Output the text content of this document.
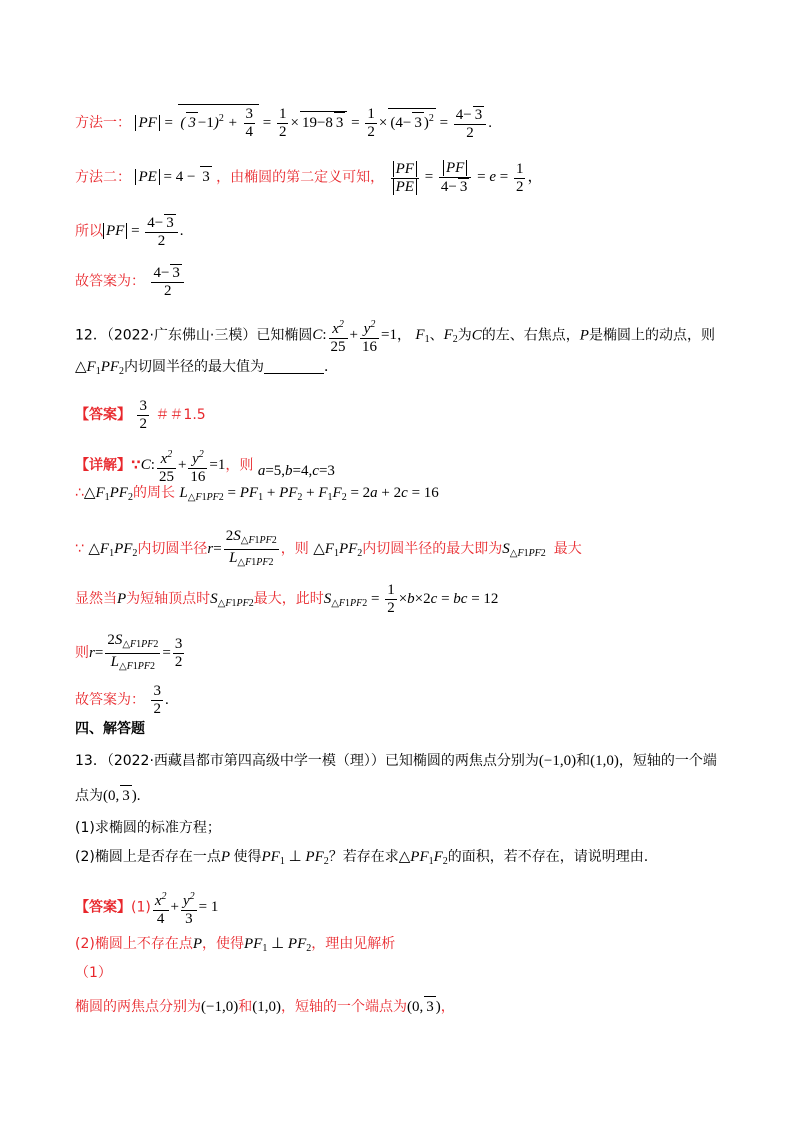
方法一： PF = ( $3 -1)^2 + \frac{3}{4} = \frac{1}{2} \times 19-8$ $3 = \frac{1}{2} \times (4- 3$ )$^2 = \frac{4- 3}{2}$ .
方法二： PE = 4 − 3 ，由椭圆的第二定义可知， $\frac{PF}{PE} = \frac{PF}{4- 3} = e = \frac{1}{2}$ ，
所以 PF = $\frac{4- 3}{2}$ .
故答案为： $\frac{4- 3}{2}$
12．（2022·广东佛山·三模）已知椭圆C: $\frac{x^2}{25} + \frac{y^2}{16} =1$， $F_1$、$F_2$为C的左、右焦点，P是椭圆上的动点，则
$\triangle F_1PF_2$内切圆半径的最大值为	．
【答案】 $\frac{3}{2}$ ＃＃1.5
【详解】∵C: $\frac{x^2}{25} + \frac{y^2}{16} =1$，则 a=5,b=4,c=3
$\therefore\triangle F_1PF_2$的周长 $L_{\triangle F1PF2} = PF_1 + PF_2 + F_1F_2 = 2a + 2c = 16$
∵ $\triangle F_1PF_2$内切圆半径$r= \frac{2S_{\triangle F1PF2}}{L_{\triangle F1PF2}}$ ，则 $\triangle F_1PF_2$内切圆半径的最大即为$S_{\triangle F1PF2}$ 最大
显然当P为短轴顶点时$S_{\triangle F1PF2}$最大，此时$S_{\triangle F1PF2} = \frac{1}{2} \times b\times 2c$ = bc = 12
则$r= \frac{2S_{\triangle F1PF2}}{L_{\triangle F1PF2}} = \frac{3}{2}$
故答案为： $\frac{3}{2}$ .
四、解答题
13．（2022·西藏昌都市第四高级中学一模（理））已知椭圆的两焦点分别为(−1,0)和(1,0)，短轴的一个端
点为(0, 3 ).
(1)求椭圆的标准方程；
(2)椭圆上是否存在一点P 使得$PF_1$ ⊥ $PF_2$？若存在求$\triangle PF_1F_2$的面积，若不存在，请说明理由.
【答案】$(1) \frac{x^2}{4} + \frac{y^2}{3} = 1$
(2)椭圆上不存在点P，使得$PF_1$ ⊥ $PF_2$，理由见解析
（1）
椭圆的两焦点分别为(−1,0)和(1,0)，短轴的一个端点为(0, 3 )，
